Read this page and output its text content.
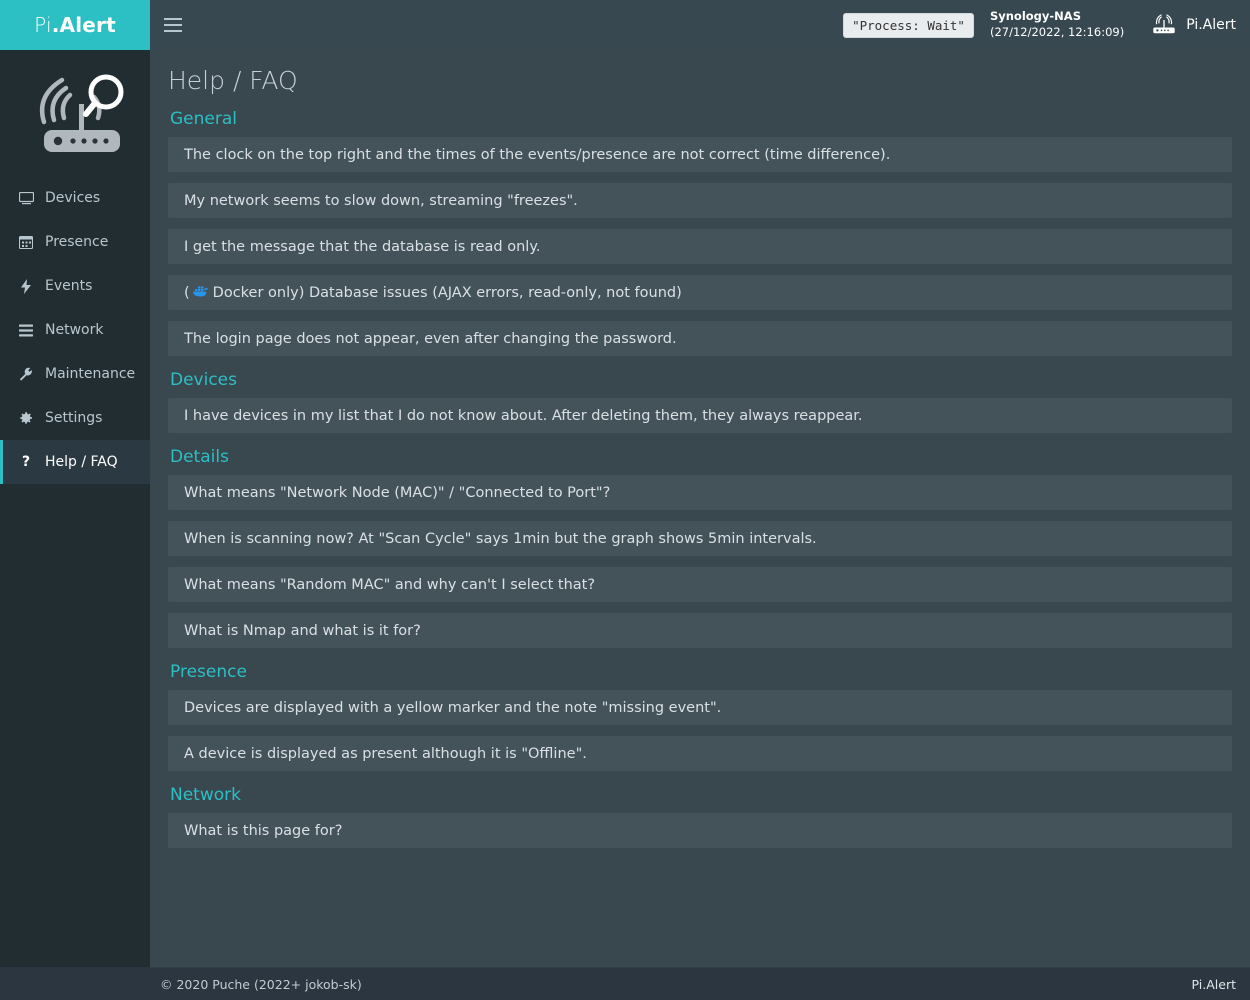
Pi .Alert	"Process: Wait"
Synology-NAS
(27/12/2022, 12:16:09)	Pi.Alert
Devices
Presence
Events
Network
Maintenance
Settings
?	Help / FAQ
Help / FAQ
General
The clock on the top right and the times of the events/presence are not correct (time difference).
My network seems to slow down, streaming "freezes".
I get the message that the database is read only.
( Docker only) Database issues (AJAX errors, read-only, not found)
The login page does not appear, even after changing the password.
Devices
I have devices in my list that I do not know about. After deleting them, they always reappear.
Details
What means "Network Node (MAC)" / "Connected to Port"?
When is scanning now? At "Scan Cycle" says 1min but the graph shows 5min intervals.
What means "Random MAC" and why can't I select that?
What is Nmap and what is it for?
Presence
Devices are displayed with a yellow marker and the note "missing event".
A device is displayed as present although it is "Offline".
Network
What is this page for?
© 2020 Puche (2022+ jokob-sk)	Pi.Alert
